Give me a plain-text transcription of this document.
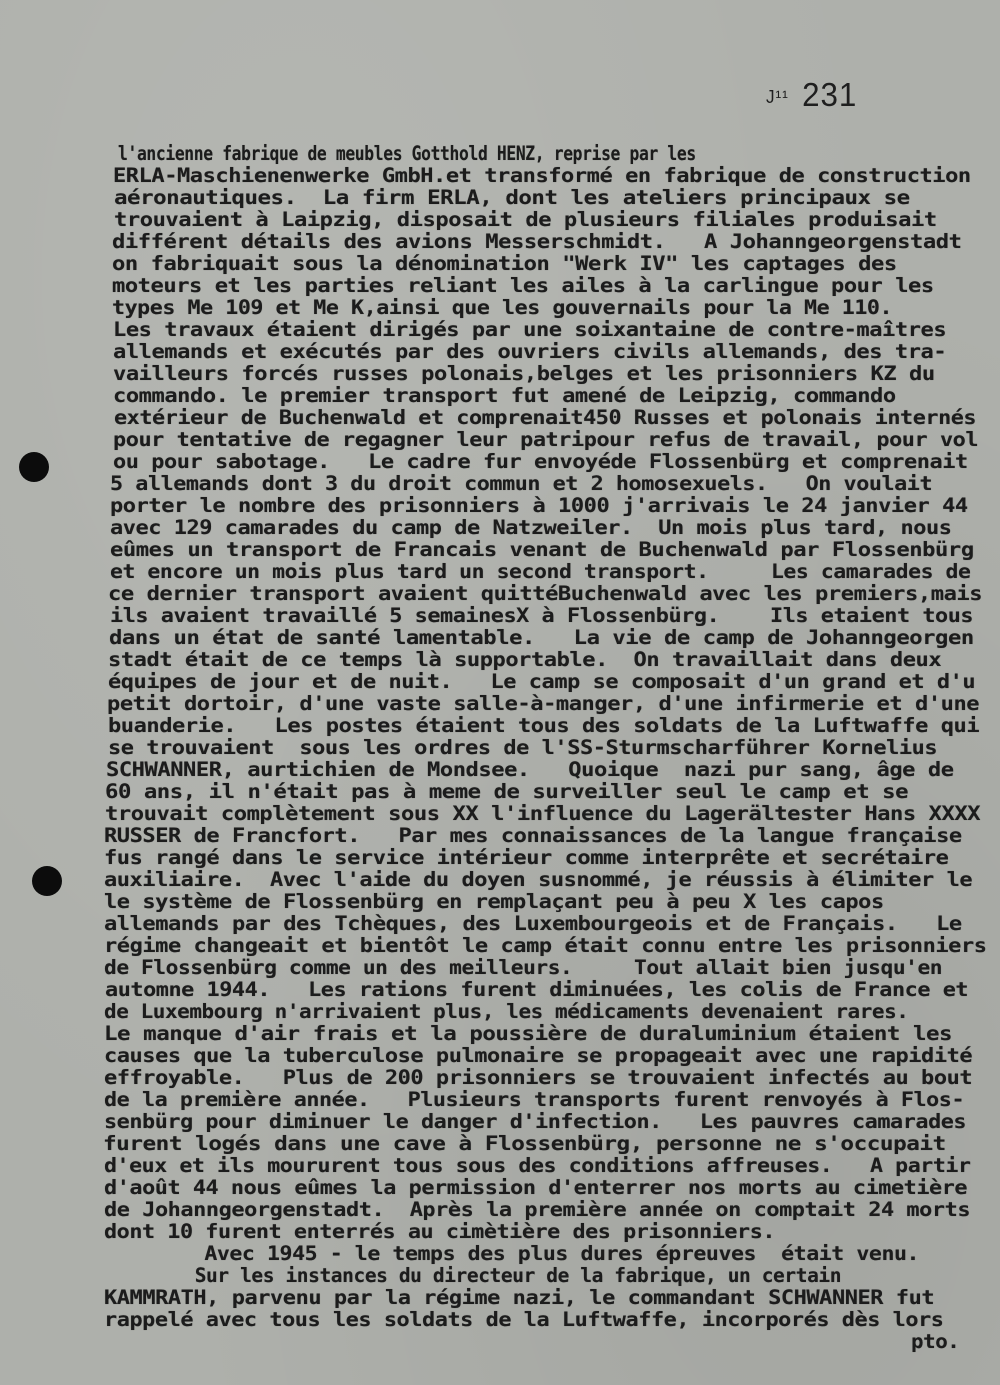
J¹¹ 231
l'ancienne fabrique de meubles Gotthold HENZ, reprise par les
ERLA-Maschienenwerke GmbH.et transformé en fabrique de construction
aéronautiques.  La firm ERLA, dont les ateliers principaux se
trouvaient à Laipzig, disposait de plusieurs filiales produisait
différent détails des avions Messerschmidt.   A Johanngeorgenstadt
on fabriquait sous la dénomination "Werk IV" les captages des
moteurs et les parties reliant les ailes à la carlingue pour les
types Me 109 et Me K,ainsi que les gouvernails pour la Me 110.
Les travaux étaient dirigés par une soixantaine de contre-maîtres
allemands et exécutés par des ouvriers civils allemands, des tra-
vailleurs forcés russes polonais,belges et les prisonniers KZ du
commando. le premier transport fut amené de Leipzig, commando
extérieur de Buchenwald et comprenait450 Russes et polonais internés
pour tentative de regagner leur patripour refus de travail, pour vol
ou pour sabotage.   Le cadre fur envoyéde Flossenbürg et comprenait
5 allemands dont 3 du droit commun et 2 homosexuels.   On voulait
porter le nombre des prisonniers à 1000 j'arrivais le 24 janvier 44
avec 129 camarades du camp de Natzweiler.  Un mois plus tard, nous
eûmes un transport de Francais venant de Buchenwald par Flossenbürg
et encore un mois plus tard un second transport.     Les camarades de
ce dernier transport avaient quittéBuchenwald avec les premiers,mais
ils avaient travaillé 5 semainesX à Flossenbürg.    Ils etaient tous
dans un état de santé lamentable.   La vie de camp de Johanngeorgen
stadt était de ce temps là supportable.  On travaillait dans deux
équipes de jour et de nuit.   Le camp se composait d'un grand et d'u
petit dortoir, d'une vaste salle-à-manger, d'une infirmerie et d'une
buanderie.   Les postes étaient tous des soldats de la Luftwaffe qui
se trouvaient  sous les ordres de l'SS-Sturmscharführer Kornelius
SCHWANNER, aurtichien de Mondsee.   Quoique  nazi pur sang, âge de
60 ans, il n'était pas à meme de surveiller seul le camp et se
trouvait complètement sous XX l'influence du Lagerältester Hans XXXX
RUSSER de Francfort.   Par mes connaissances de la langue française
fus rangé dans le service intérieur comme interprête et secrétaire
auxiliaire.  Avec l'aide du doyen susnommé, je réussis à élimiter le
le système de Flossenbürg en remplaçant peu à peu X les capos
allemands par des Tchèques, des Luxembourgeois et de Français.   Le
régime changeait et bientôt le camp était connu entre les prisonniers
de Flossenbürg comme un des meilleurs.     Tout allait bien jusqu'en
automne 1944.   Les rations furent diminuées, les colis de France et
de Luxembourg n'arrivaient plus, les médicaments devenaient rares.
Le manque d'air frais et la poussière de duraluminium étaient les
causes que la tuberculose pulmonaire se propageait avec une rapidité
effroyable.   Plus de 200 prisonniers se trouvaient infectés au bout
de la première année.   Plusieurs transports furent renvoyés à Flos-
senbürg pour diminuer le danger d'infection.   Les pauvres camarades
furent logés dans une cave à Flossenbürg, personne ne s'occupait
d'eux et ils moururent tous sous des conditions affreuses.   A partir
d'août 44 nous eûmes la permission d'enterrer nos morts au cimetière
de Johanngeorgenstadt.  Après la première année on comptait 24 morts
dont 10 furent enterrés au cimètière des prisonniers.
Avec 1945 - le temps des plus dures épreuves  était venu.
Sur les instances du directeur de la fabrique, un certain
KAMMRATH, parvenu par la régime nazi, le commandant SCHWANNER fut
rappelé avec tous les soldats de la Luftwaffe, incorporés dès lors
pto.
